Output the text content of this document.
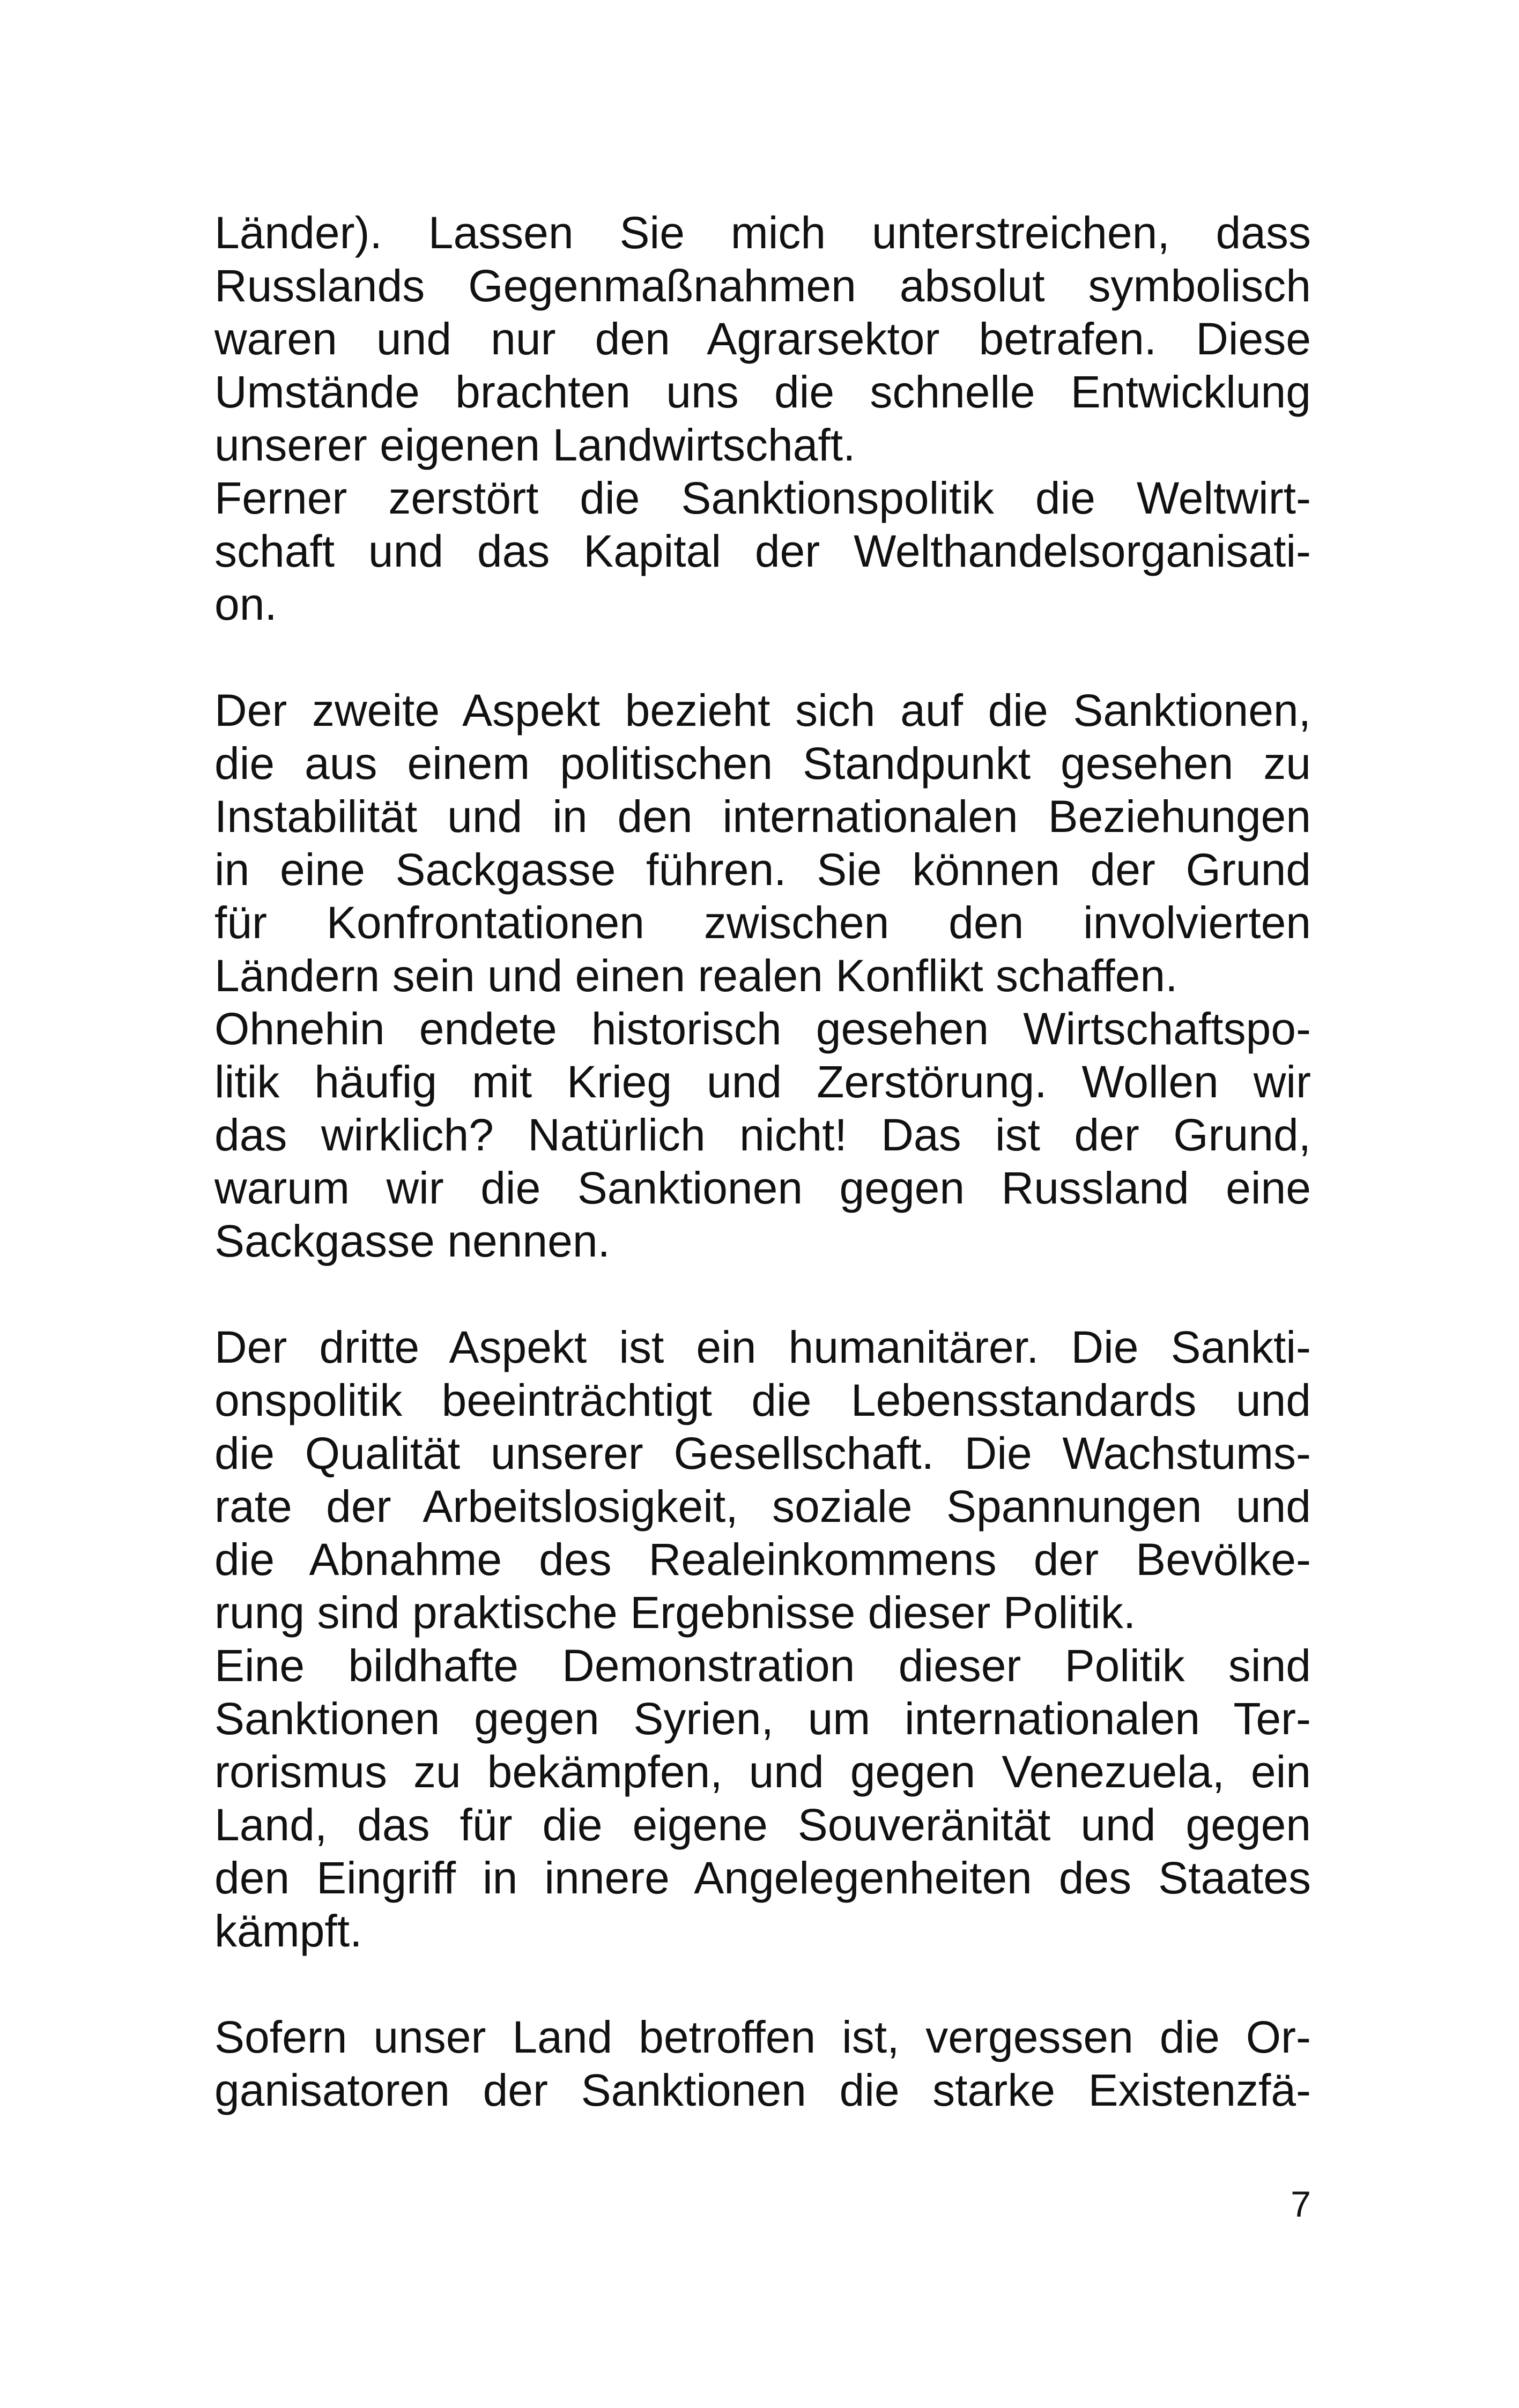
Länder). Lassen Sie mich unterstreichen, dass
Russlands Gegenmaßnahmen absolut symbolisch
waren und nur den Agrarsektor betrafen. Diese
Umstände brachten uns die schnelle Entwicklung
unserer eigenen Landwirtschaft.
Ferner zerstört die Sanktionspolitik die Weltwirt-
schaft und das Kapital der Welthandelsorganisati-
on.
Der zweite Aspekt bezieht sich auf die Sanktionen,
die aus einem politischen Standpunkt gesehen zu
Instabilität und in den internationalen Beziehungen
in eine Sackgasse führen. Sie können der Grund
für Konfrontationen zwischen den involvierten
Ländern sein und einen realen Konflikt schaffen.
Ohnehin endete historisch gesehen Wirtschaftspo-
litik häufig mit Krieg und Zerstörung. Wollen wir
das wirklich? Natürlich nicht! Das ist der Grund,
warum wir die Sanktionen gegen Russland eine
Sackgasse nennen.
Der dritte Aspekt ist ein humanitärer. Die Sankti-
onspolitik beeinträchtigt die Lebensstandards und
die Qualität unserer Gesellschaft. Die Wachstums-
rate der Arbeitslosigkeit, soziale Spannungen und
die Abnahme des Realeinkommens der Bevölke-
rung sind praktische Ergebnisse dieser Politik.
Eine bildhafte Demonstration dieser Politik sind
Sanktionen gegen Syrien, um internationalen Ter-
rorismus zu bekämpfen, und gegen Venezuela, ein
Land, das für die eigene Souveränität und gegen
den Eingriff in innere Angelegenheiten des Staates
kämpft.
Sofern unser Land betroffen ist, vergessen die Or-
ganisatoren der Sanktionen die starke Existenzfä-
7
